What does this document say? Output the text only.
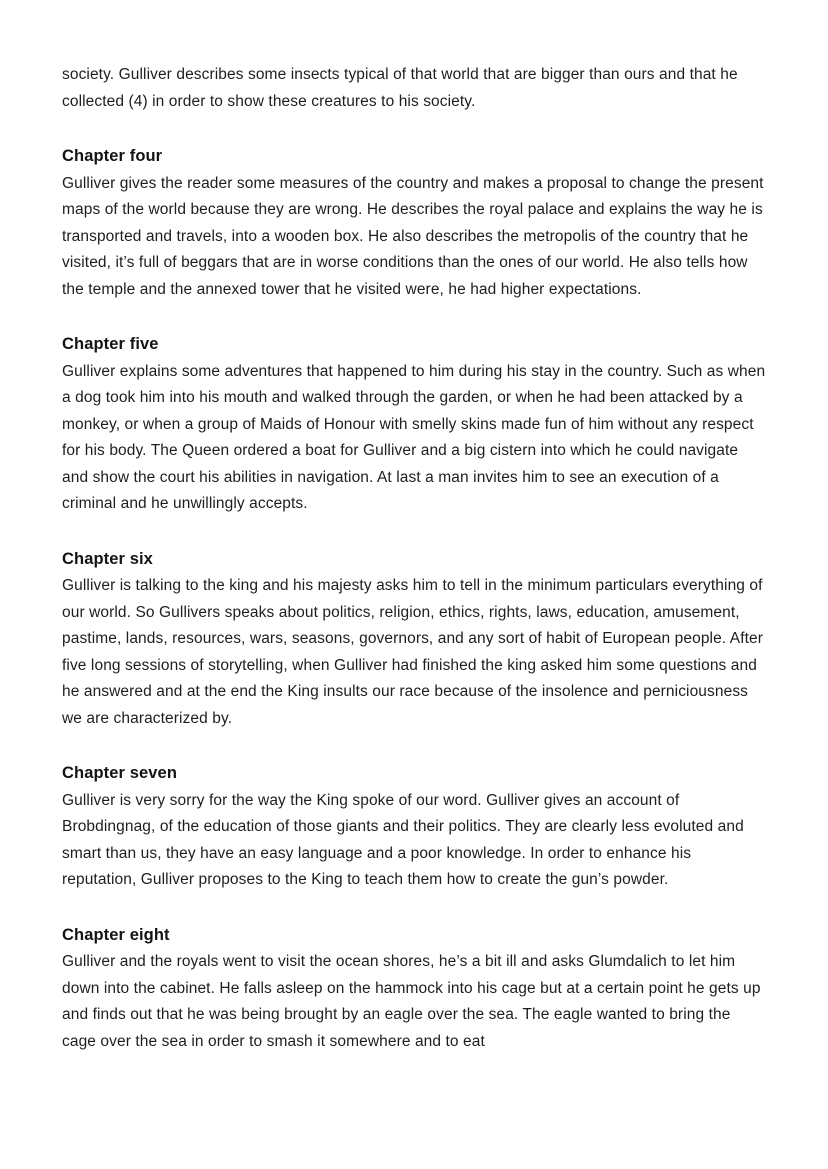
society. Gulliver describes some insects typical of that world that are bigger than ours and that he collected (4) in order to show these creatures to his society.

Chapter four

Gulliver gives the reader some measures of the country and makes a proposal to change the present maps of the world because they are wrong. He describes the royal palace and explains the way he is transported and travels, into a wooden box. He also describes the metropolis of the country that he visited, it’s full of beggars that are in worse conditions than the ones of our world. He also tells how the temple and the annexed tower that he visited were, he had higher expectations.

Chapter five

Gulliver explains some adventures that happened to him during his stay in the country. Such as when a dog took him into his mouth and walked through the garden, or when he had been attacked by a monkey, or when a group of Maids of Honour with smelly skins made fun of him without any respect for his body. The Queen ordered a boat for Gulliver and a big cistern into which he could navigate and show the court his abilities in navigation. At last a man invites him to see an execution of a criminal and he unwillingly accepts.

Chapter six

Gulliver is talking to the king and his majesty asks him to tell in the minimum particulars everything of our world. So Gullivers speaks about politics, religion, ethics, rights, laws, education, amusement, pastime, lands, resources, wars, seasons, governors, and any sort of habit of European people. After five long sessions of storytelling, when Gulliver had finished the king asked him some questions and he answered and at the end the King insults our race because of the insolence and perniciousness we are characterized by.

Chapter seven

Gulliver is very sorry for the way the King spoke of our word. Gulliver gives an account of Brobdingnag, of the education of those giants and their politics. They are clearly less evoluted and smart than us, they have an easy language and a poor knowledge. In order to enhance his reputation, Gulliver proposes to the King to teach them how to create the gun’s powder.

Chapter eight

Gulliver and the royals went to visit the ocean shores, he’s a bit ill and asks Glumdalich to let him down into the cabinet. He falls asleep on the hammock into his cage but at a certain point he gets up and finds out that he was being brought by an eagle over the sea. The eagle wanted to bring the cage over the sea in order to smash it somewhere and to eat
